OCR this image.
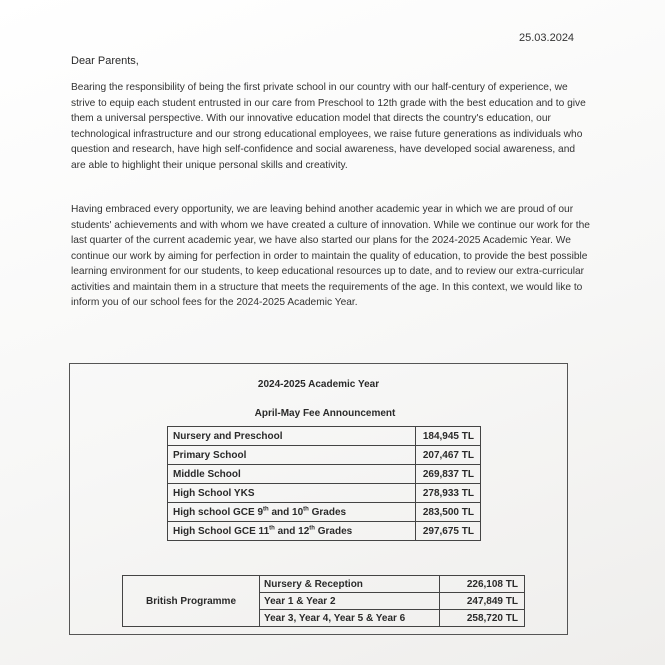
25.03.2024
Dear Parents,

Bearing the responsibility of being the first private school in our country with our half-century of experience, we strive to equip each student entrusted in our care from Preschool to 12th grade with the best education and to give them a universal perspective. With our innovative education model that directs the country's education, our technological infrastructure and our strong educational employees, we raise future generations as individuals who question and research, have high self-confidence and social awareness, have developed social awareness, and are able to highlight their unique personal skills and creativity.

Having embraced every opportunity, we are leaving behind another academic year in which we are proud of our students' achievements and with whom we have created a culture of innovation. While we continue our work for the last quarter of the current academic year, we have also started our plans for the 2024-2025 Academic Year. We continue our work by aiming for perfection in order to maintain the quality of education, to provide the best possible learning environment for our students, to keep educational resources up to date, and to review our extra-curricular activities and maintain them in a structure that meets the requirements of the age. In this context, we would like to inform you of our school fees for the 2024-2025 Academic Year.

2024-2025 Academic Year
April-May Fee Announcement
Nursery and Preschool	184,945 TL
Primary School	207,467 TL
Middle School	269,837 TL
High School YKS	278,933 TL
High school GCE 9th and 10th Grades	283,500 TL
High School GCE 11th and 12th Grades	297,675 TL
British Programme	Nursery & Reception	226,108 TL
	Year 1 & Year 2	247,849 TL
	Year 3, Year 4, Year 5 & Year 6	258,720 TL
